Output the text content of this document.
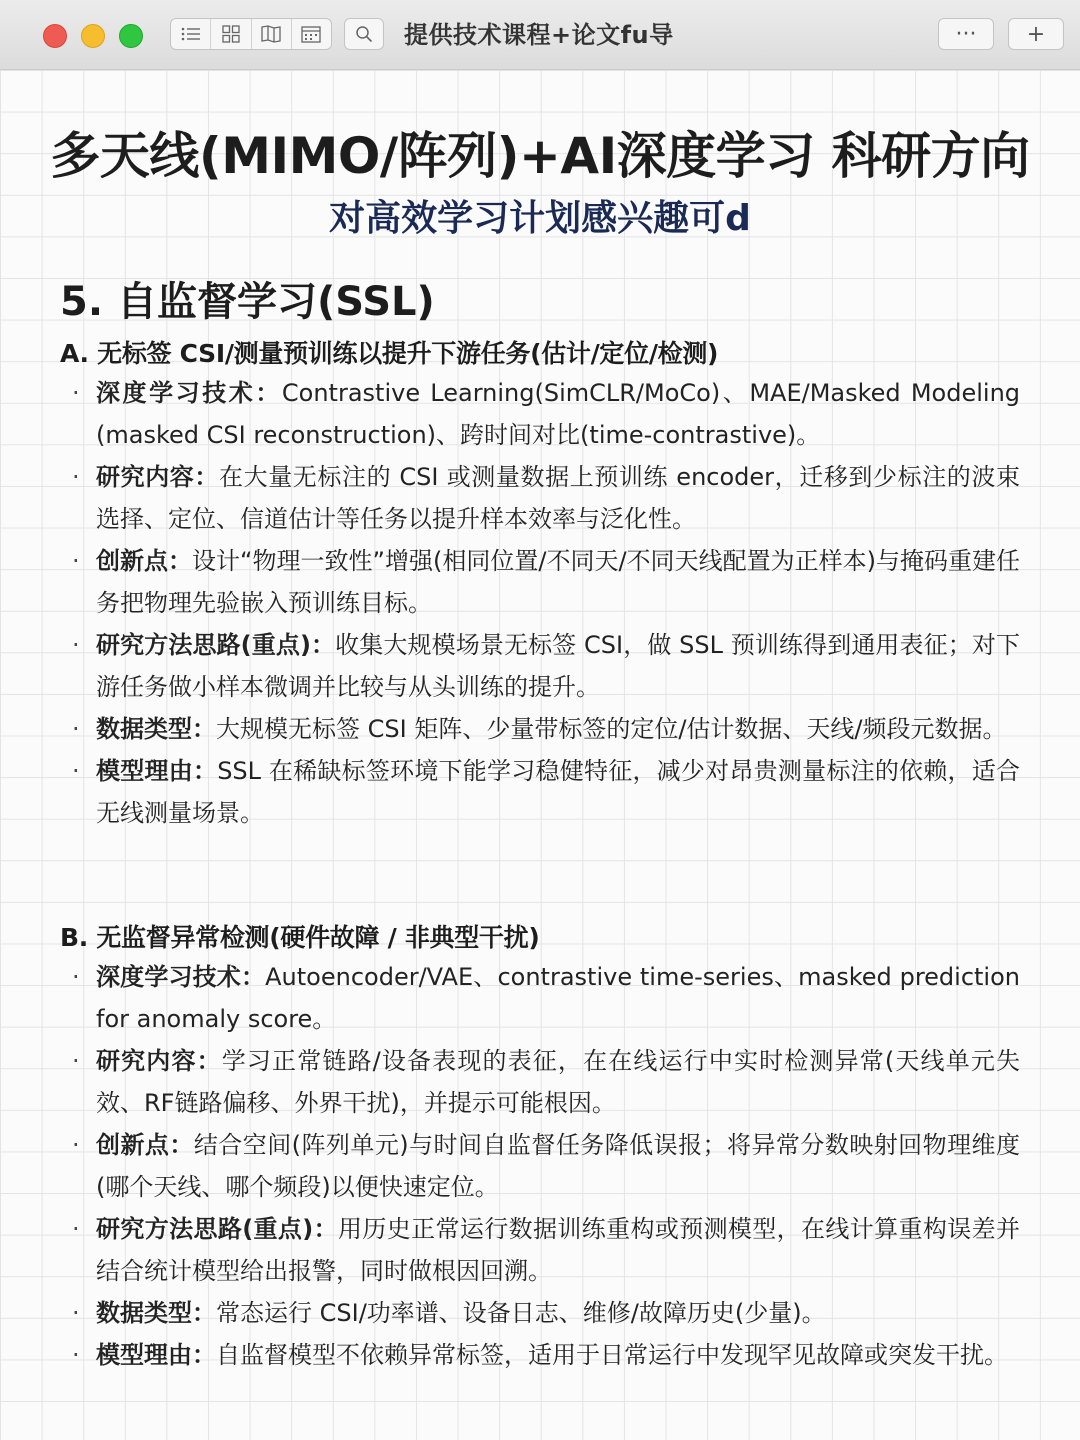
提供技术课程+论文fu导	···	+
多天线(MIMO/阵列)+AI深度学习 科研方向
对高效学习计划感兴趣可d
5. 自监督学习(SSL)
A. 无标签 CSI/测量预训练以提升下游任务(估计/定位/检测)
· 深度学习技术：Contrastive Learning(SimCLR/MoCo)、MAE/Masked Modeling (masked CSI reconstruction)、跨时间对比(time-contrastive)。
· 研究内容：在大量无标注的 CSI 或测量数据上预训练 encoder，迁移到少标注的波束选择、定位、信道估计等任务以提升样本效率与泛化性。
· 创新点：设计“物理一致性”增强(相同位置/不同天/不同天线配置为正样本)与掩码重建任务把物理先验嵌入预训练目标。
· 研究方法思路(重点)：收集大规模场景无标签 CSI，做 SSL 预训练得到通用表征；对下游任务做小样本微调并比较与从头训练的提升。
· 数据类型：大规模无标签 CSI 矩阵、少量带标签的定位/估计数据、天线/频段元数据。
· 模型理由：SSL 在稀缺标签环境下能学习稳健特征，减少对昂贵测量标注的依赖，适合无线测量场景。
B. 无监督异常检测(硬件故障 / 非典型干扰)
· 深度学习技术：Autoencoder/VAE、contrastive time-series、masked prediction for anomaly score。
· 研究内容：学习正常链路/设备表现的表征，在在线运行中实时检测异常(天线单元失效、RF链路偏移、外界干扰)，并提示可能根因。
· 创新点：结合空间(阵列单元)与时间自监督任务降低误报；将异常分数映射回物理维度(哪个天线、哪个频段)以便快速定位。
· 研究方法思路(重点)：用历史正常运行数据训练重构或预测模型，在线计算重构误差并结合统计模型给出报警，同时做根因回溯。
· 数据类型：常态运行 CSI/功率谱、设备日志、维修/故障历史(少量)。
· 模型理由：自监督模型不依赖异常标签，适用于日常运行中发现罕见故障或突发干扰。
